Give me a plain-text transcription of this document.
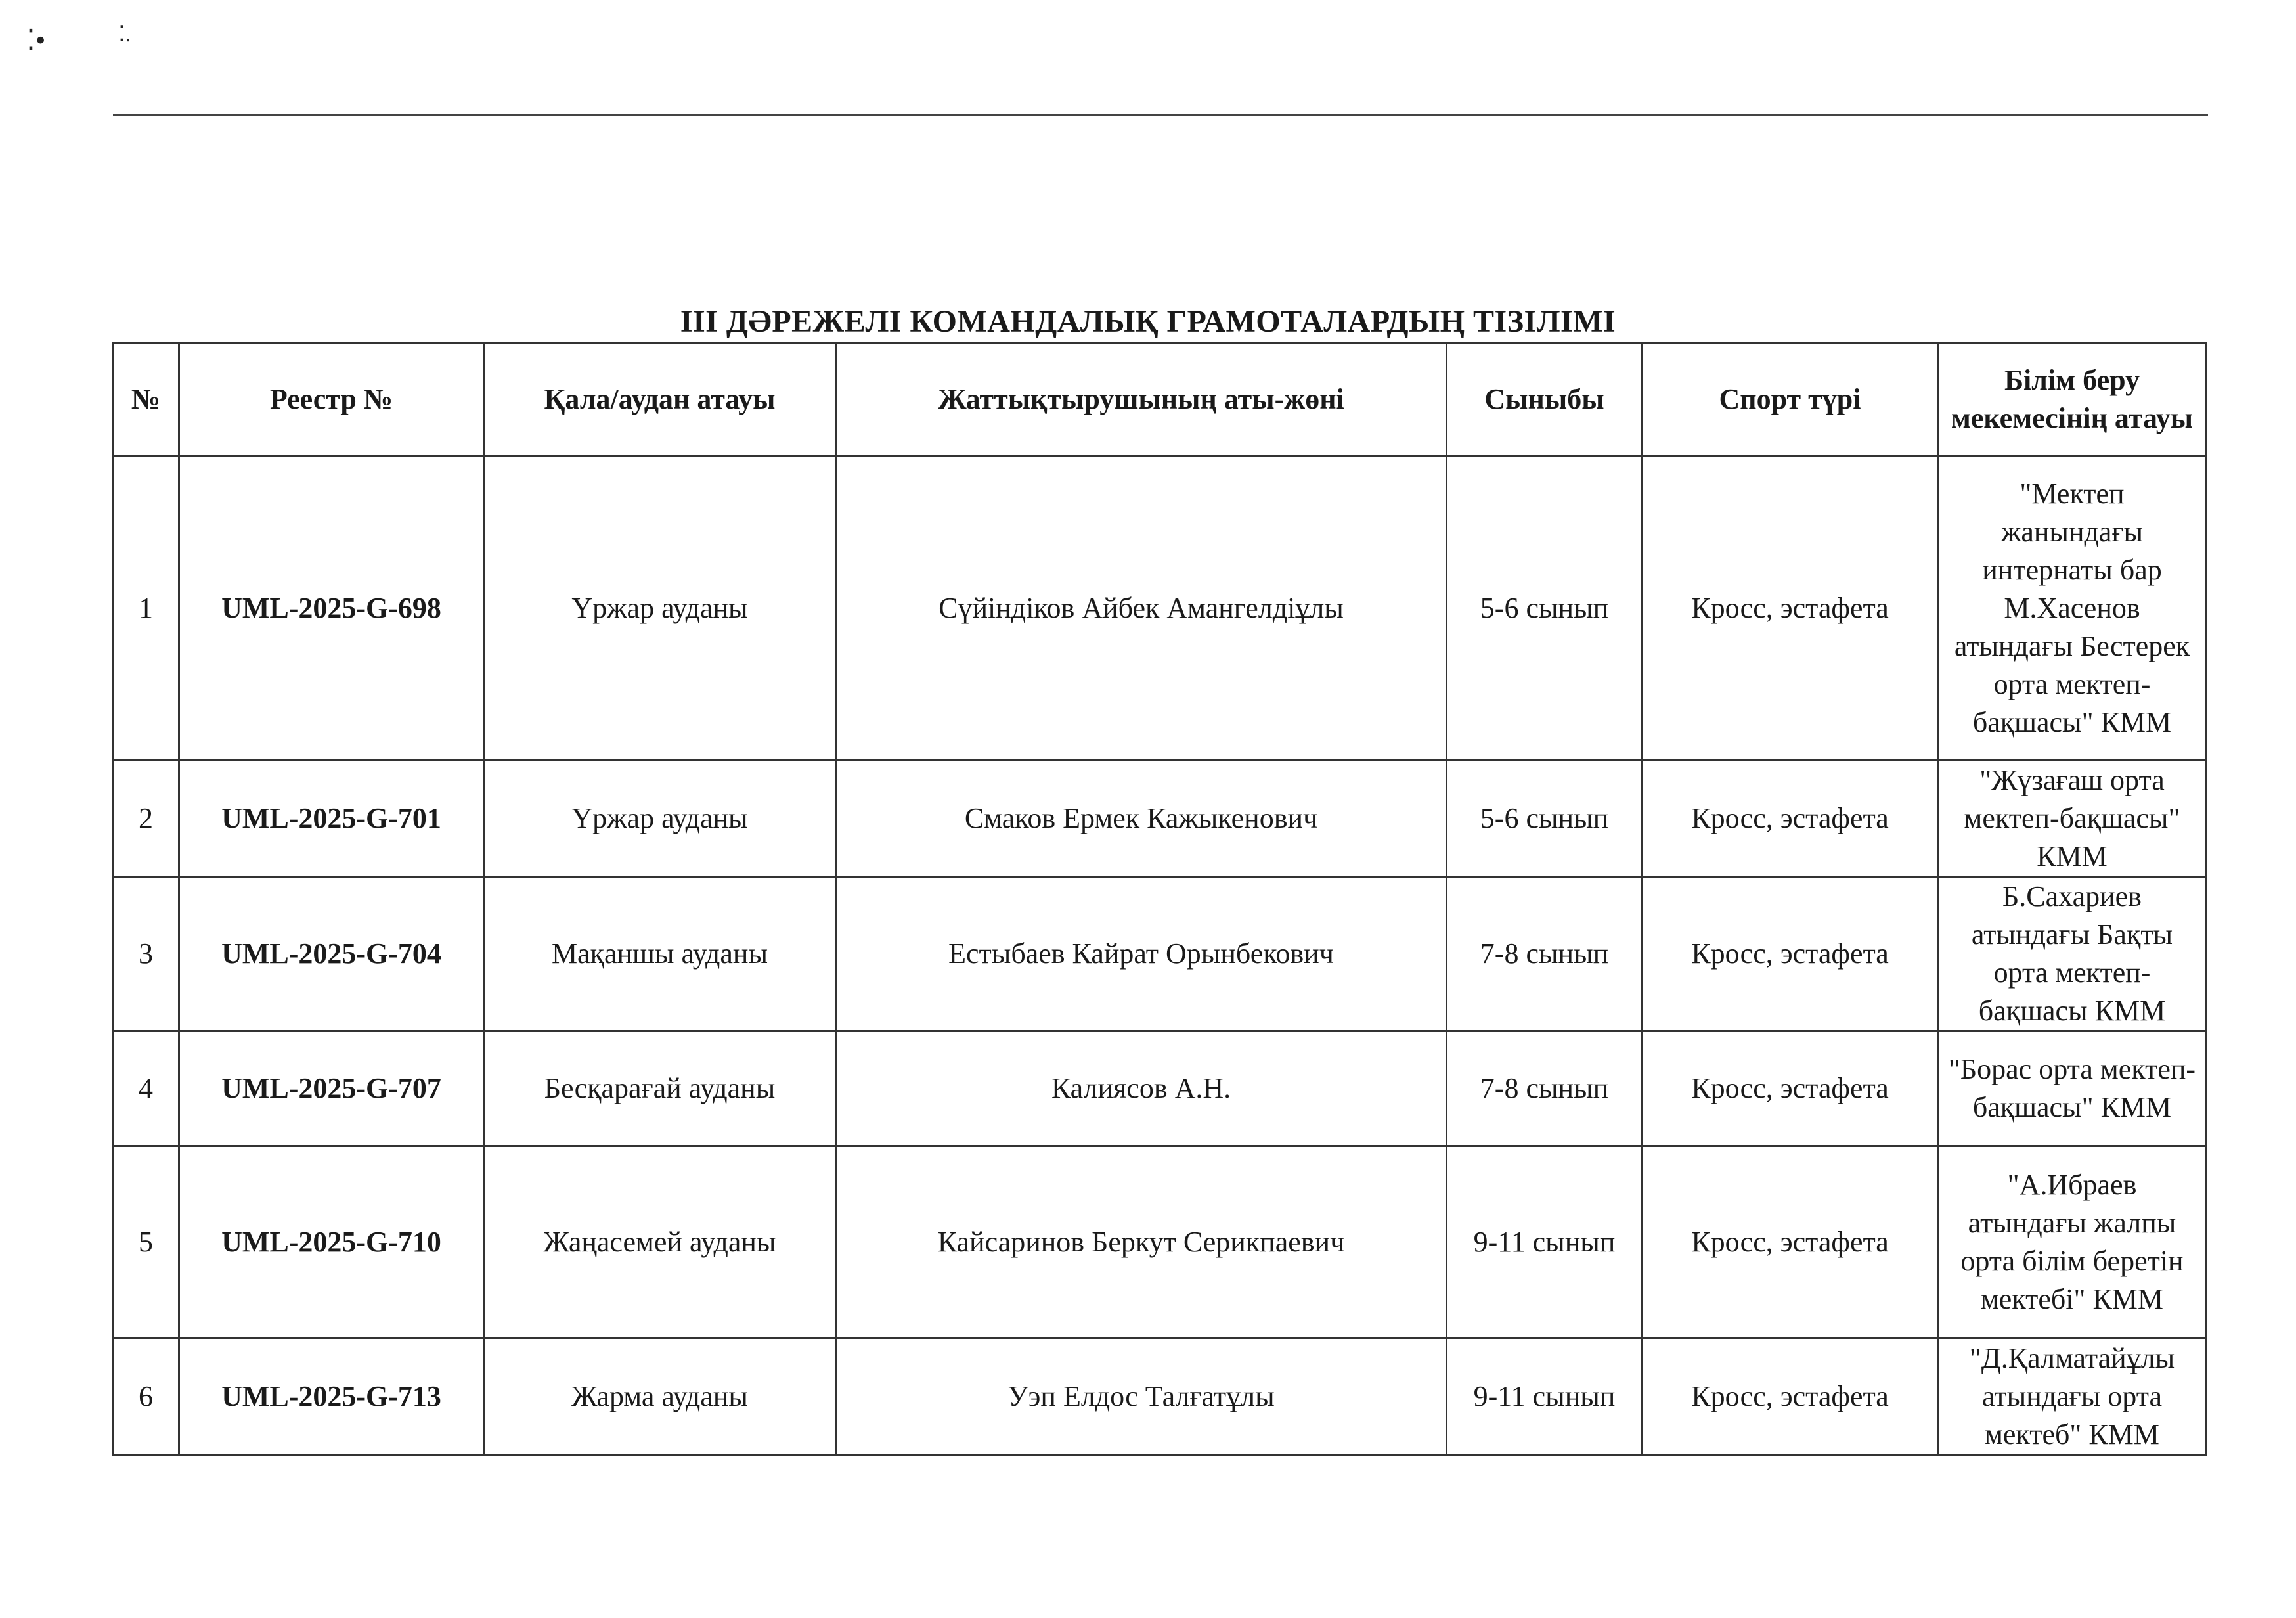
⁚•	⁚.
III ДӘРЕЖЕЛІ КОМАНДАЛЫҚ ГРАМОТАЛАРДЫҢ ТІЗІЛІМІ
№	Реестр №	Қала/аудан атауы	Жаттықтырушының аты-жөні	Сыныбы	Спорт түрі	Білім беру мекемесінің атауы
1	UML-2025-G-698	Үржар ауданы	Сүйіндіков Айбек Амангелдіұлы	5-6 сынып	Кросс, эстафета	"Мектеп жанындағы интернаты бар М.Хасенов атындағы Бестерек орта мектеп-бақшасы" КММ
2	UML-2025-G-701	Үржар ауданы	Смаков Ермек Кажыкенович	5-6 сынып	Кросс, эстафета	"Жүзағаш орта мектеп-бақшасы" КММ
3	UML-2025-G-704	Мақаншы ауданы	Естыбаев Кайрат Орынбекович	7-8 сынып	Кросс, эстафета	Б.Сахариев атындағы Бақты орта мектеп-бақшасы КММ
4	UML-2025-G-707	Бесқарағай ауданы	Калиясов А.Н.	7-8 сынып	Кросс, эстафета	"Борас орта мектеп-бақшасы" КММ
5	UML-2025-G-710	Жаңасемей ауданы	Кайсаринов Беркут Серикпаевич	9-11 сынып	Кросс, эстафета	"А.Ибраев атындағы жалпы орта білім беретін мектебі" КММ
6	UML-2025-G-713	Жарма ауданы	Уэп Елдос Талғатұлы	9-11 сынып	Кросс, эстафета	"Д.Қалматайұлы атындағы орта мектеб" КММ
